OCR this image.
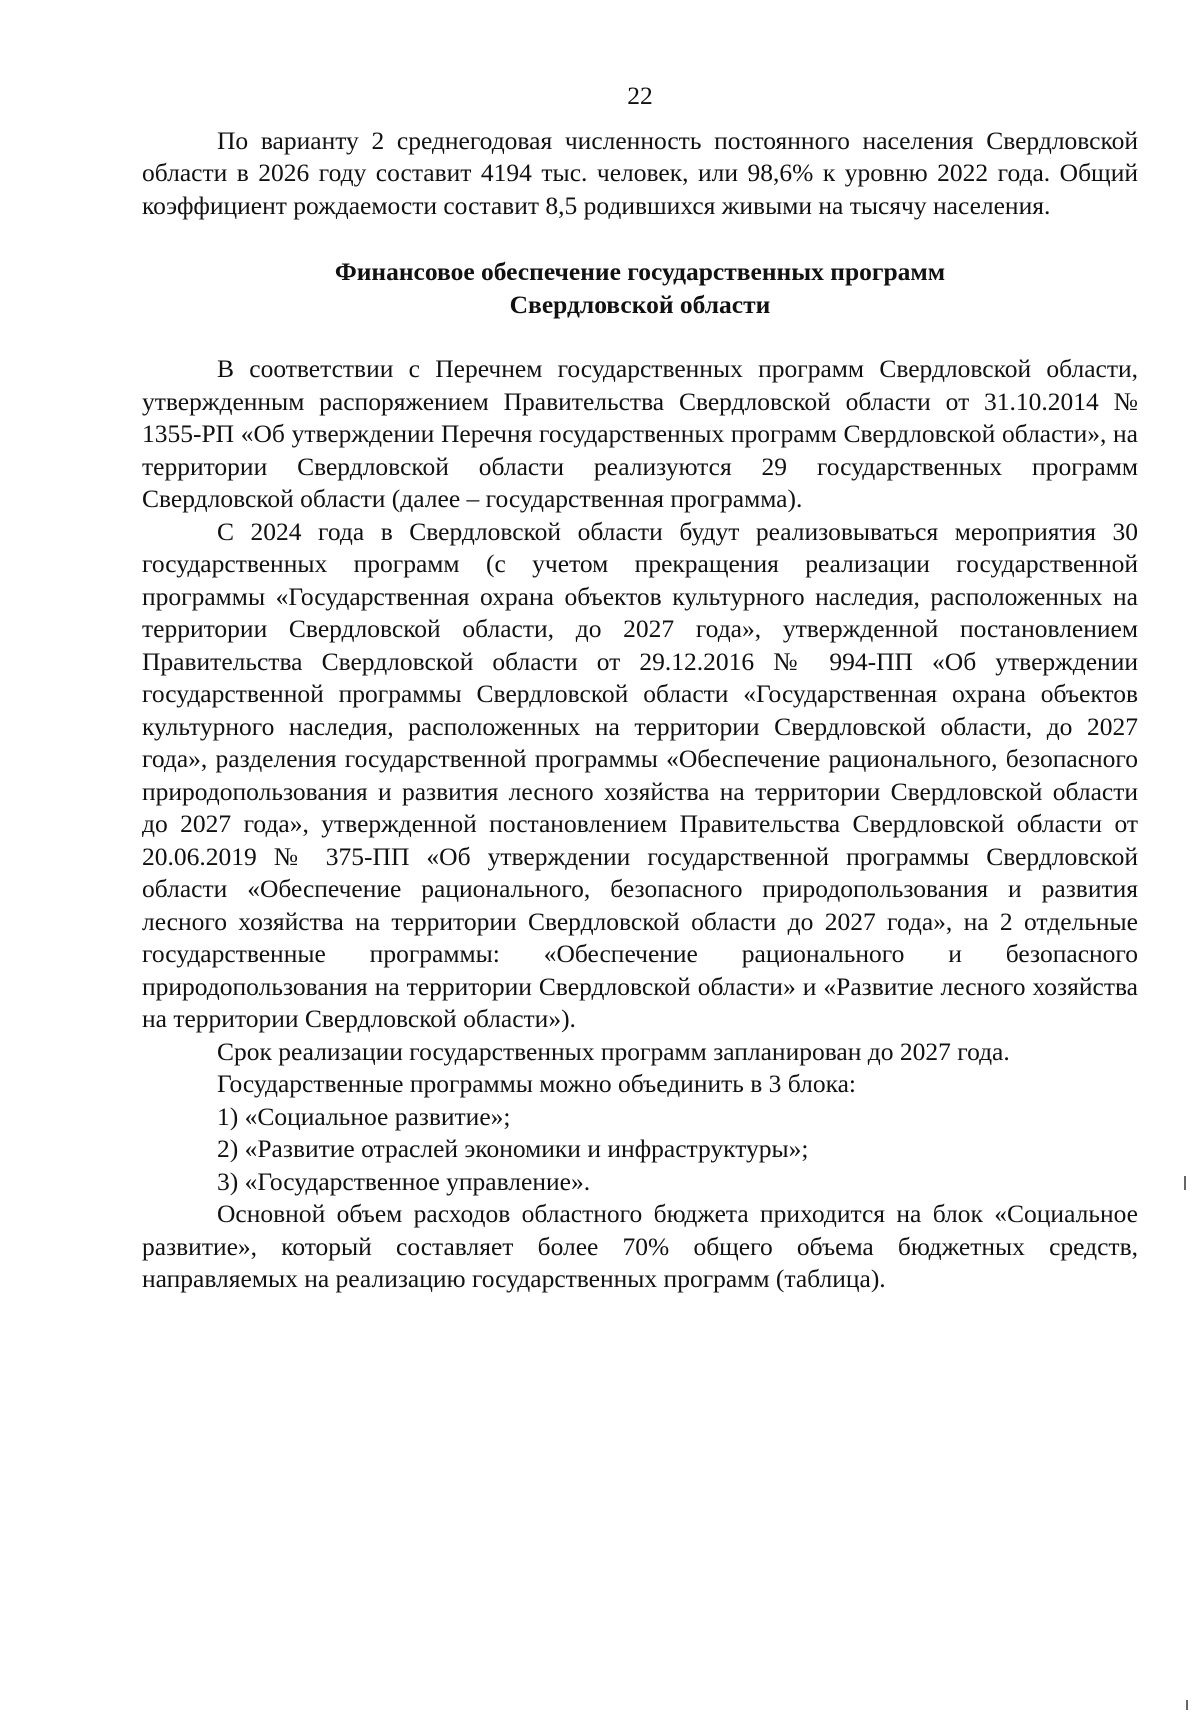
22

По варианту 2 среднегодовая численность постоянного населения Свердловской области в 2026 году составит 4194 тыс. человек, или 98,6% к уровню 2022 года. Общий коэффициент рождаемости составит 8,5 родившихся живыми на тысячу населения.

Финансовое обеспечение государственных программ
Свердловской области

В соответствии с Перечнем государственных программ Свердловской области, утвержденным распоряжением Правительства Свердловской области от 31.10.2014 № 1355-РП «Об утверждении Перечня государственных программ Свердловской области», на территории Свердловской области реализуются 29 государственных программ Свердловской области (далее – государственная программа).

С 2024 года в Свердловской области будут реализовываться мероприятия 30 государственных программ (с учетом прекращения реализации государственной программы «Государственная охрана объектов культурного наследия, расположенных на территории Свердловской области, до 2027 года», утвержденной постановлением Правительства Свердловской области от 29.12.2016 № 994-ПП «Об утверждении государственной программы Свердловской области «Государственная охрана объектов культурного наследия, расположенных на территории Свердловской области, до 2027 года», разделения государственной программы «Обеспечение рационального, безопасного природопользования и развития лесного хозяйства на территории Свердловской области до 2027 года», утвержденной постановлением Правительства Свердловской области от 20.06.2019 № 375-ПП «Об утверждении государственной программы Свердловской области «Обеспечение рационального, безопасного природопользования и развития лесного хозяйства на территории Свердловской области до 2027 года», на 2 отдельные государственные программы: «Обеспечение рационального и безопасного природопользования на территории Свердловской области» и «Развитие лесного хозяйства на территории Свердловской области»).

Срок реализации государственных программ запланирован до 2027 года.

Государственные программы можно объединить в 3 блока:

1) «Социальное развитие»;

2) «Развитие отраслей экономики и инфраструктуры»;

3) «Государственное управление».

Основной объем расходов областного бюджета приходится на блок «Социальное развитие», который составляет более 70% общего объема бюджетных средств, направляемых на реализацию государственных программ (таблица).
